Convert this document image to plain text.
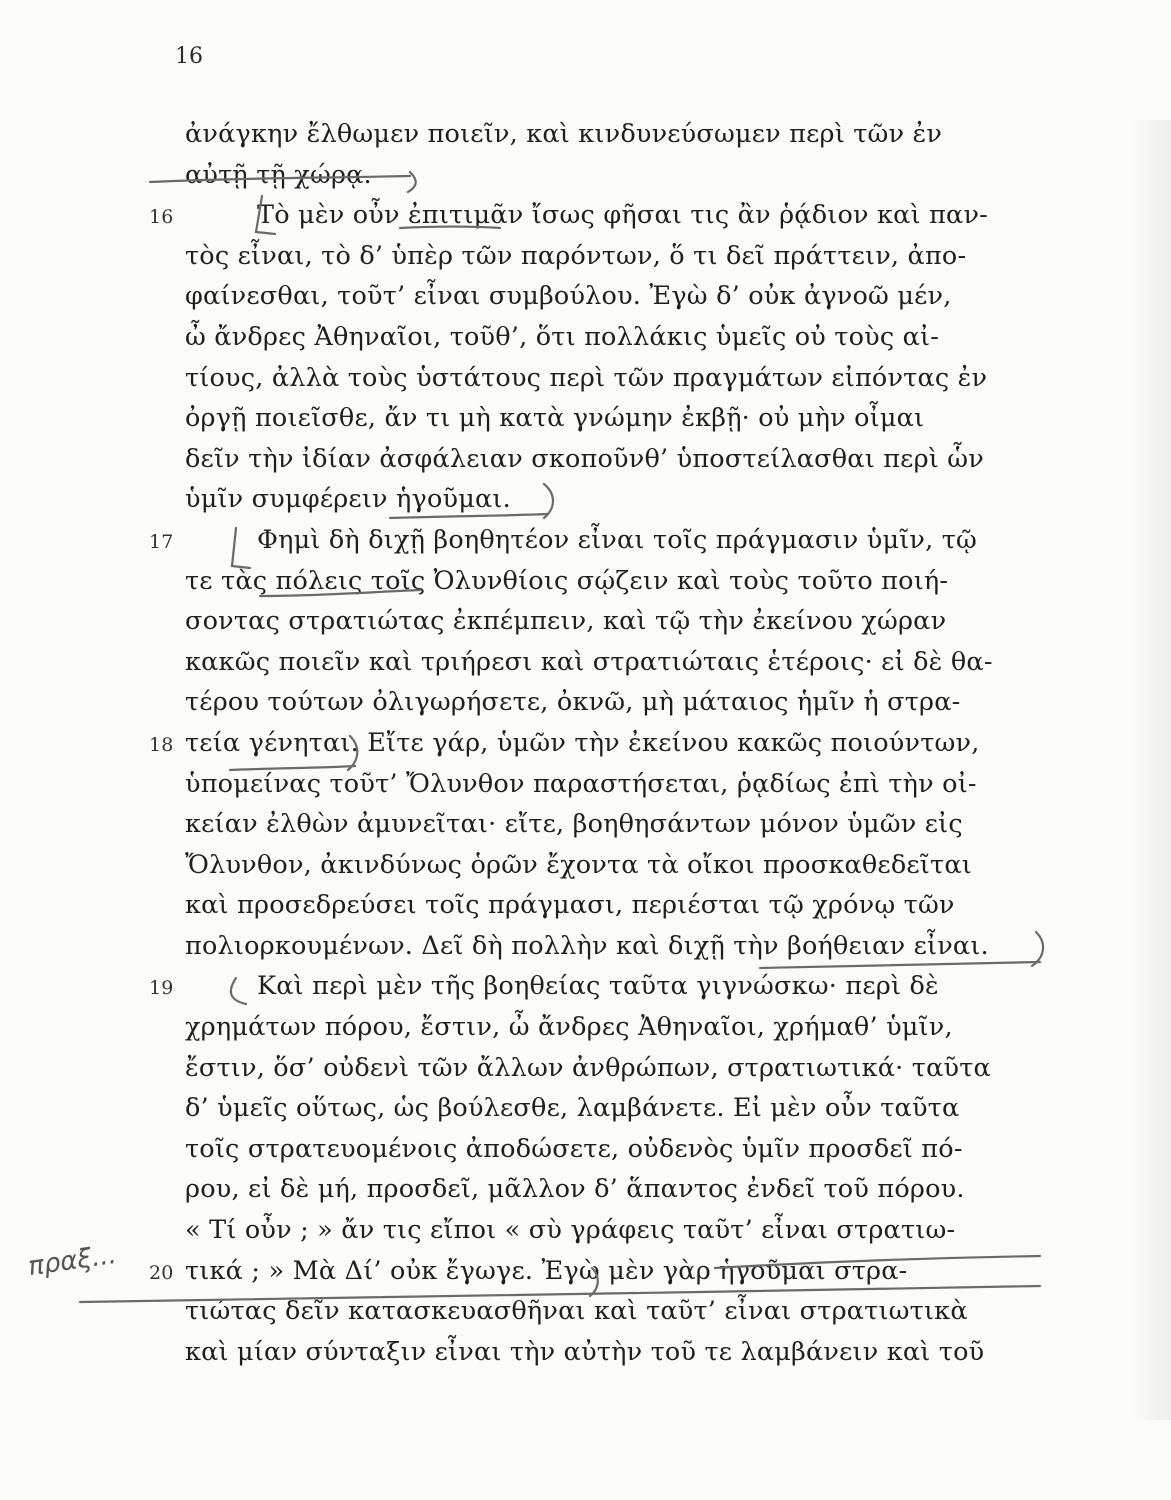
16
ἀνάγκην ἔλθωμεν ποιεῖν, καὶ κινδυνεύσωμεν περὶ τῶν ἐν
αὐτῇ τῇ χώρᾳ.
16	Τὸ μὲν οὖν ἐπιτιμᾶν ἴσως φῆσαι τις ἂν ῥᾴδιον καὶ παν-
τὸς εἶναι, τὸ δ’ ὑπὲρ τῶν παρόντων, ὅ τι δεῖ πράττειν, ἀπο-
φαίνεσθαι, τοῦτ’ εἶναι συμβούλου. Ἐγὼ δ’ οὐκ ἀγνοῶ μέν,
ὦ ἄνδρες Ἀθηναῖοι, τοῦθ’, ὅτι πολλάκις ὑμεῖς οὐ τοὺς αἰ-
τίους, ἀλλὰ τοὺς ὑστάτους περὶ τῶν πραγμάτων εἰπόντας ἐν
ὀργῇ ποιεῖσθε, ἄν τι μὴ κατὰ γνώμην ἐκβῇ· οὐ μὴν οἶμαι
δεῖν τὴν ἰδίαν ἀσφάλειαν σκοποῦνθ’ ὑποστείλασθαι περὶ ὧν
ὑμῖν συμφέρειν ἡγοῦμαι.
17	Φημὶ δὴ διχῇ βοηθητέον εἶναι τοῖς πράγμασιν ὑμῖν, τῷ
τε τὰς πόλεις τοῖς Ὀλυνθίοις σῴζειν καὶ τοὺς τοῦτο ποιή-
σοντας στρατιώτας ἐκπέμπειν, καὶ τῷ τὴν ἐκείνου χώραν
κακῶς ποιεῖν καὶ τριήρεσι καὶ στρατιώταις ἑτέροις· εἰ δὲ θα-
τέρου τούτων ὀλιγωρήσετε, ὀκνῶ, μὴ μάταιος ἡμῖν ἡ στρα-
18 τεία γένηται. Εἴτε γάρ, ὑμῶν τὴν ἐκείνου κακῶς ποιούντων,
ὑπομείνας τοῦτ’ Ὄλυνθον παραστήσεται, ῥᾳδίως ἐπὶ τὴν οἰ-
κείαν ἐλθὼν ἀμυνεῖται· εἴτε, βοηθησάντων μόνον ὑμῶν εἰς
Ὄλυνθον, ἀκινδύνως ὁρῶν ἔχοντα τὰ οἴκοι προσκαθεδεῖται
καὶ προσεδρεύσει τοῖς πράγμασι, περιέσται τῷ χρόνῳ τῶν
πολιορκουμένων. Δεῖ δὴ πολλὴν καὶ διχῇ τὴν βοήθειαν εἶναι.
19	Καὶ περὶ μὲν τῆς βοηθείας ταῦτα γιγνώσκω· περὶ δὲ
χρημάτων πόρου, ἔστιν, ὦ ἄνδρες Ἀθηναῖοι, χρήμαθ’ ὑμῖν,
ἔστιν, ὅσ’ οὐδενὶ τῶν ἄλλων ἀνθρώπων, στρατιωτικά· ταῦτα
δ’ ὑμεῖς οὕτως, ὡς βούλεσθε, λαμβάνετε. Εἰ μὲν οὖν ταῦτα
τοῖς στρατευομένοις ἀποδώσετε, οὐδενὸς ὑμῖν προσδεῖ πό-
ρου, εἰ δὲ μή, προσδεῖ, μᾶλλον δ’ ἅπαντος ἐνδεῖ τοῦ πόρου.
« Τί οὖν ; » ἄν τις εἴποι « σὺ γράφεις ταῦτ’ εἶναι στρατιω-
20 τικά ; » Μὰ Δί’ οὐκ ἔγωγε. Ἐγὼ μὲν γὰρ ἡγοῦμαι στρα-
τιώτας δεῖν κατασκευασθῆναι καὶ ταῦτ’ εἶναι στρατιωτικὰ
καὶ μίαν σύνταξιν εἶναι τὴν αὐτὴν τοῦ τε λαμβάνειν καὶ τοῦ
πραξ...
